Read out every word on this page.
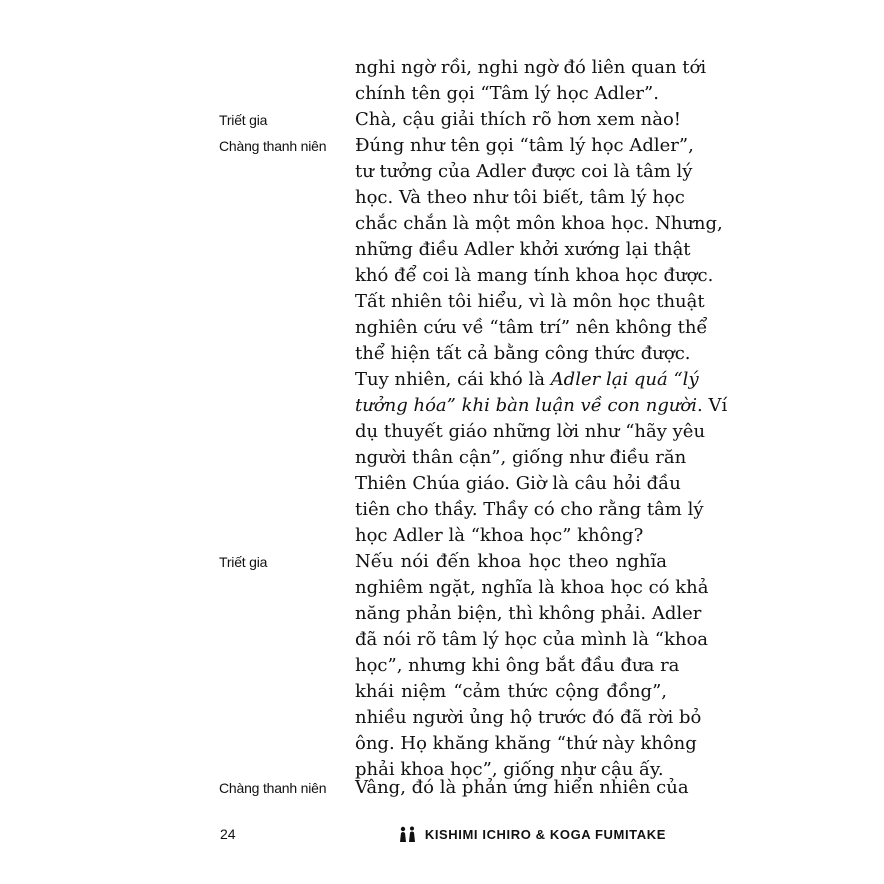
Triết gia
Chàng thanh niên
Triết gia
Chàng thanh niên
nghi ngờ rồi, nghi ngờ đó liên quan tới
chính tên gọi “Tâm lý học Adler”.
Chà, cậu giải thích rõ hơn xem nào!
Đúng như tên gọi “tâm lý học Adler”,
tư tưởng của Adler được coi là tâm lý
học. Và theo như tôi biết, tâm lý học
chắc chắn là một môn khoa học. Nhưng,
những điều Adler khởi xướng lại thật
khó để coi là mang tính khoa học được.
Tất nhiên tôi hiểu, vì là môn học thuật
nghiên cứu về “tâm trí” nên không thể
thể hiện tất cả bằng công thức được.
Tuy nhiên, cái khó là Adler lại quá “lý
tưởng hóa” khi bàn luận về con người. Ví
dụ thuyết giáo những lời như “hãy yêu
người thân cận”, giống như điều răn
Thiên Chúa giáo. Giờ là câu hỏi đầu
tiên cho thầy. Thầy có cho rằng tâm lý
học Adler là “khoa học” không?
Nếu nói đến khoa học theo nghĩa
nghiêm ngặt, nghĩa là khoa học có khả
năng phản biện, thì không phải. Adler
đã nói rõ tâm lý học của mình là “khoa
học”, nhưng khi ông bắt đầu đưa ra
khái niệm “cảm thức cộng đồng”,
nhiều người ủng hộ trước đó đã rời bỏ
ông. Họ khăng khăng “thứ này không
phải khoa học”, giống như cậu ấy.
Vâng, đó là phản ứng hiển nhiên của
24	KISHIMI ICHIRO & KOGA FUMITAKE
